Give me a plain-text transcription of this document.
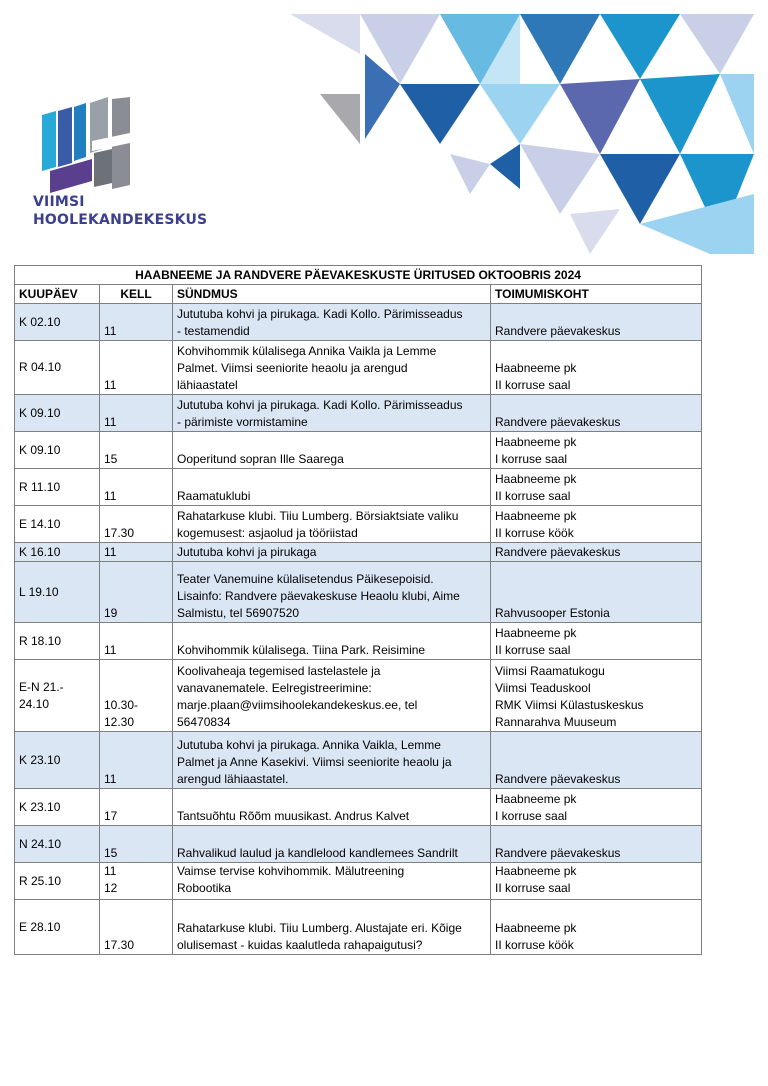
VIIMSI
HOOLEKANDEKESKUS
HAABNEEME JA RANDVERE PÄEVAKESKUSTE ÜRITUSED OKTOOBRIS 2024			
KUUPÄEV	KELL	SÜNDMUS	TOIMUMISKOHT

K 02.10	11	Jututuba kohvi ja pirukaga. Kadi Kollo. Pärimisseadus
- testamendid	Randvere päevakeskus

R 04.10	11	Kohvihommik külalisega Annika Vaikla ja Lemme
Palmet. Viimsi seeniorite heaolu ja arengud
lähiaastatel	Haabneeme pk
II korruse saal

K 09.10	11	Jututuba kohvi ja pirukaga. Kadi Kollo. Pärimisseadus
- pärimiste vormistamine	Randvere päevakeskus

K 09.10	15	Ooperitund sopran Ille Saarega	Haabneeme pk
I korruse saal

R 11.10	11	Raamatuklubi	Haabneeme pk
II korruse saal

E 14.10	17.30	Rahatarkuse klubi. Tiiu Lumberg. Börsiaktsiate valiku
kogemusest: asjaolud ja tööriistad	Haabneeme pk
II korruse köök

K 16.10	11	Jututuba kohvi ja pirukaga	Randvere päevakeskus

L 19.10	19	Teater Vanemuine külalisetendus Päikesepoisid.
Lisainfo: Randvere päevakeskuse Heaolu klubi, Aime
Salmistu, tel 56907520	Rahvusooper Estonia

R 18.10	11	Kohvihommik külalisega. Tiina Park. Reisimine	Haabneeme pk
II korruse saal

E-N 21.-
24.10	10.30-
12.30	Koolivaheaja tegemised lastelastele ja
vanavanematele. Eelregistreerimine:
marje.plaan@viimsihoolekandekeskus.ee, tel
56470834	Viimsi Raamatukogu
Viimsi Teaduskool
RMK Viimsi Külastuskeskus
Rannarahva Muuseum

K 23.10	11	Jututuba kohvi ja pirukaga. Annika Vaikla, Lemme
Palmet ja Anne Kasekivi. Viimsi seeniorite heaolu ja
arengud lähiaastatel.	Randvere päevakeskus

K 23.10	17	Tantsuõhtu Rõõm muusikast. Andrus Kalvet	Haabneeme pk
I korruse saal

N 24.10	15	Rahvalikud laulud ja kandlelood kandlemees Sandrilt	Randvere päevakeskus

R 25.10	11
12	Vaimse tervise kohvihommik. Mälutreening
Robootika	Haabneeme pk
II korruse saal

E 28.10	17.30	Rahatarkuse klubi. Tiiu Lumberg. Alustajate eri. Kõige
olulisemast - kuidas kaalutleda rahapaigutusi?	Haabneeme pk
II korruse köök
